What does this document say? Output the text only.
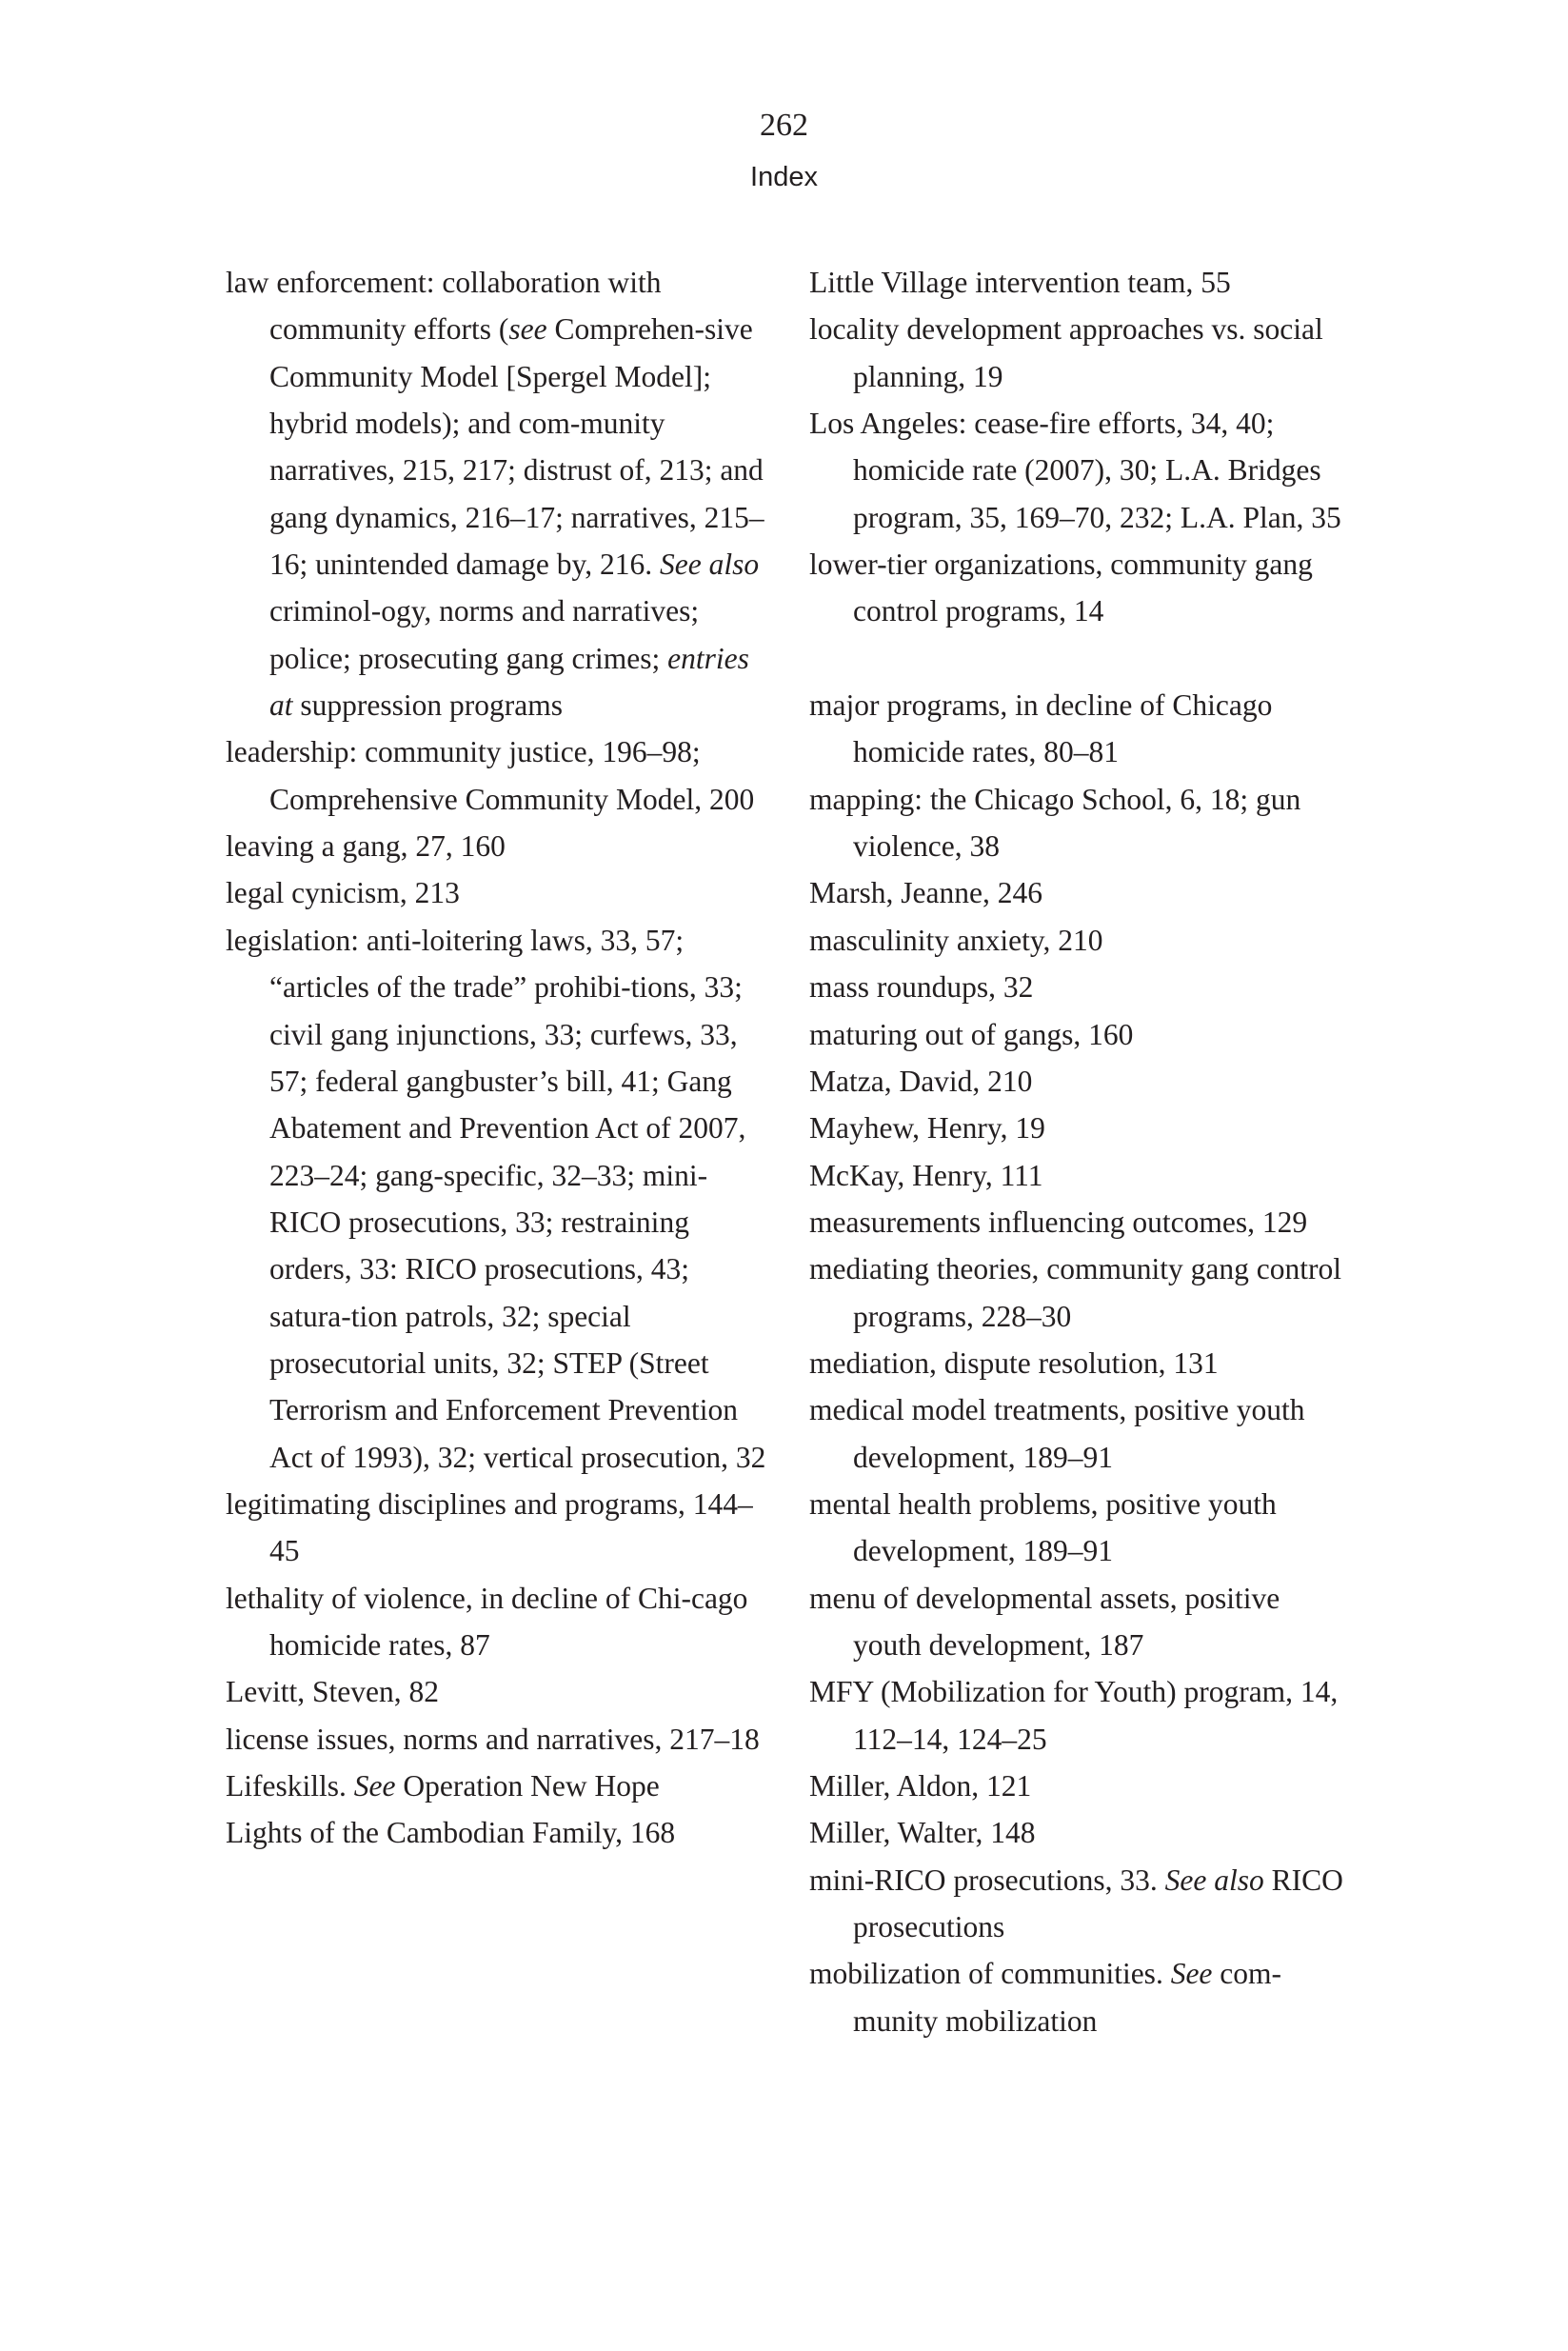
262
Index

law enforcement: collaboration with community efforts (see Comprehen-sive Community Model [Spergel Model]; hybrid models); and com-munity narratives, 215, 217; distrust of, 213; and gang dynamics, 216–17; narratives, 215–16; unintended damage by, 216. See also criminol-ogy, norms and narratives; police; prosecuting gang crimes; entries at suppression programs

leadership: community justice, 196–98; Comprehensive Community Model, 200

leaving a gang, 27, 160

legal cynicism, 213

legislation: anti-loitering laws, 33, 57; “articles of the trade” prohibi-tions, 33; civil gang injunctions, 33; curfews, 33, 57; federal gangbuster’s bill, 41; Gang Abatement and Prevention Act of 2007, 223–24; gang-specific, 32–33; mini-RICO prosecutions, 33; restraining orders, 33: RICO prosecutions, 43; satura-tion patrols, 32; special prosecutorial units, 32; STEP (Street Terrorism and Enforcement Prevention Act of 1993), 32; vertical prosecution, 32

legitimating disciplines and programs, 144–45

lethality of violence, in decline of Chi-cago homicide rates, 87

Levitt, Steven, 82

license issues, norms and narratives, 217–18

Lifeskills. See Operation New Hope

Lights of the Cambodian Family, 168

Little Village intervention team, 55

locality development approaches vs. social planning, 19

Los Angeles: cease-fire efforts, 34, 40; homicide rate (2007), 30; L.A. Bridges program, 35, 169–70, 232; L.A. Plan, 35

lower-tier organizations, community gang control programs, 14

major programs, in decline of Chicago homicide rates, 80–81

mapping: the Chicago School, 6, 18; gun violence, 38

Marsh, Jeanne, 246

masculinity anxiety, 210

mass roundups, 32

maturing out of gangs, 160

Matza, David, 210

Mayhew, Henry, 19

McKay, Henry, 111

measurements influencing outcomes, 129

mediating theories, community gang control programs, 228–30

mediation, dispute resolution, 131

medical model treatments, positive youth development, 189–91

mental health problems, positive youth development, 189–91

menu of developmental assets, positive youth development, 187

MFY (Mobilization for Youth) program, 14, 112–14, 124–25

Miller, Aldon, 121

Miller, Walter, 148

mini-RICO prosecutions, 33. See also RICO prosecutions

mobilization of communities. See com-munity mobilization
